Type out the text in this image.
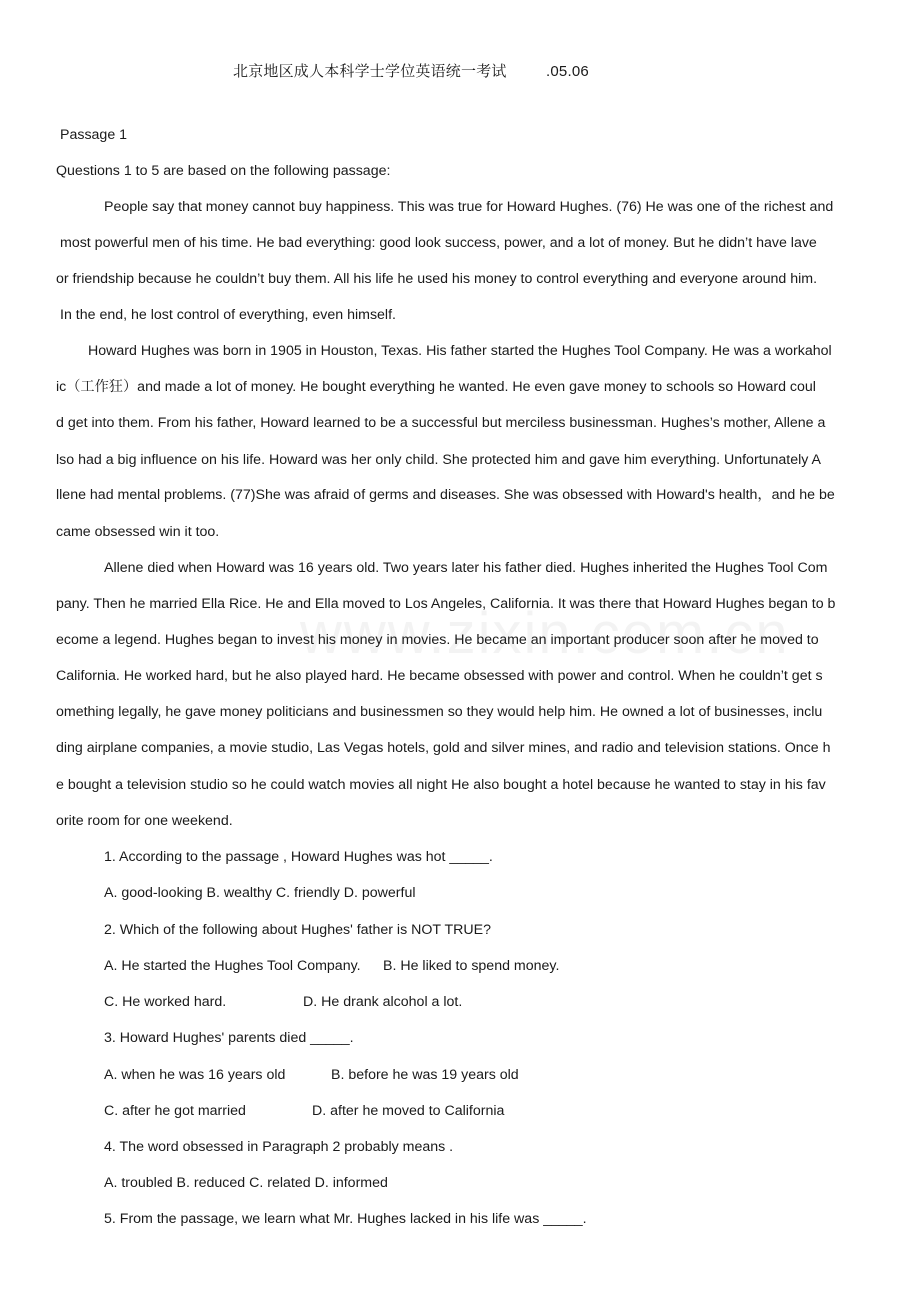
北京地区成人本科学士学位英语统一考试	.05.06
Passage 1
Questions 1 to 5 are based on the following passage:
People say that money cannot buy happiness. This was true for Howard Hughes. (76) He was one of the richest and
most powerful men of his time. He bad everything: good look success, power, and a lot of money. But he didn’t have lave
or friendship because he couldn’t buy them. All his life he used his money to control everything and everyone around him.
In the end, he lost control of everything, even himself.
Howard Hughes was born in 1905 in Houston, Texas. His father started the Hughes Tool Company. He was a workahol
ic（工作狂）and made a lot of money. He bought everything he wanted. He even gave money to schools so Howard coul
d get into them. From his father, Howard learned to be a successful but merciless businessman. Hughes’s mother, Allene a
lso had a big influence on his life. Howard was her only child. She protected him and gave him everything. Unfortunately A
llene had mental problems. (77)She was afraid of germs and diseases. She was obsessed with Howard's health，and he be
came obsessed win it too.
Allene died when Howard was 16 years old. Two years later his father died. Hughes inherited the Hughes Tool Com
pany. Then he married Ella Rice. He and Ella moved to Los Angeles, California. It was there that Howard Hughes began to b
ecome a legend. Hughes began to invest his money in movies. He became an important producer soon after he moved to
California. He worked hard, but he also played hard. He became obsessed with power and control. When he couldn’t get s
omething legally, he gave money politicians and businessmen so they would help him. He owned a lot of businesses, inclu
ding airplane companies, a movie studio, Las Vegas hotels, gold and silver mines, and radio and television stations. Once h
e bought a television studio so he could watch movies all night He also bought a hotel because he wanted to stay in his fav
orite room for one weekend.
1. According to the passage , Howard Hughes was hot _____.
A. good-looking B. wealthy C. friendly D. powerful
2. Which of the following about Hughes' father is NOT TRUE?
A. He started the Hughes Tool Company. B. He liked to spend money.
C. He worked hard.	D. He drank alcohol a lot.
3. Howard Hughes' parents died _____.
A. when he was 16 years old	B. before he was 19 years old
C. after he got married	D. after he moved to California
4. The word obsessed in Paragraph 2 probably means .
A. troubled B. reduced C. related D. informed
5. From the passage, we learn what Mr. Hughes lacked in his life was _____.
